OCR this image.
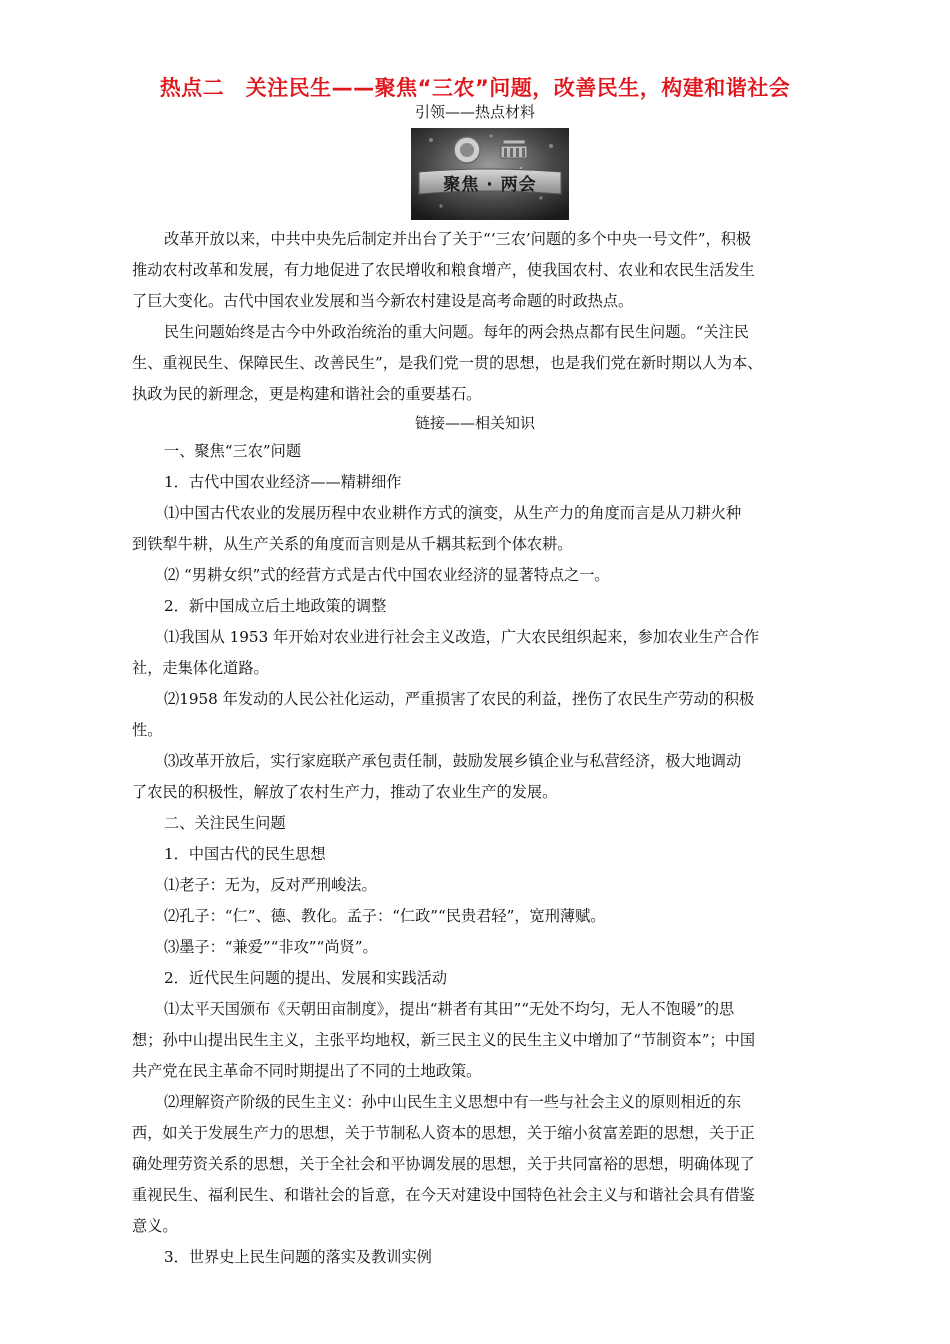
热点二　关注民生——聚焦“三农”问题，改善民生，构建和谐社会
引领——热点材料
聚焦 · 两会
改革开放以来，中共中央先后制定并出台了关于“‘三农’问题的多个中央一号文件”，积极
推动农村改革和发展，有力地促进了农民增收和粮食增产，使我国农村、农业和农民生活发生
了巨大变化。古代中国农业发展和当今新农村建设是高考命题的时政热点。
民生问题始终是古今中外政治统治的重大问题。每年的两会热点都有民生问题。“关注民
生、重视民生、保障民生、改善民生”，是我们党一贯的思想，也是我们党在新时期以人为本、
执政为民的新理念，更是构建和谐社会的重要基石。
链接——相关知识
一、聚焦“三农”问题
1．古代中国农业经济——精耕细作
⑴中国古代农业的发展历程中农业耕作方式的演变，从生产力的角度而言是从刀耕火种
到铁犁牛耕，从生产关系的角度而言则是从千耦其耘到个体农耕。
⑵ “男耕女织”式的经营方式是古代中国农业经济的显著特点之一。
2．新中国成立后土地政策的调整
⑴我国从 1953 年开始对农业进行社会主义改造，广大农民组织起来，参加农业生产合作
社，走集体化道路。
⑵1958 年发动的人民公社化运动，严重损害了农民的利益，挫伤了农民生产劳动的积极
性。
⑶改革开放后，实行家庭联产承包责任制，鼓励发展乡镇企业与私营经济，极大地调动
了农民的积极性，解放了农村生产力，推动了农业生产的发展。
二、关注民生问题
1．中国古代的民生思想
⑴老子：无为，反对严刑峻法。
⑵孔子：“仁”、德、教化。孟子：“仁政”“民贵君轻”，宽刑薄赋。
⑶墨子：“兼爱”“非攻”“尚贤”。
2．近代民生问题的提出、发展和实践活动
⑴太平天国颁布《天朝田亩制度》，提出“耕者有其田”“无处不均匀，无人不饱暖”的思
想；孙中山提出民生主义，主张平均地权，新三民主义的民生主义中增加了“节制资本”；中国
共产党在民主革命不同时期提出了不同的土地政策。
⑵理解资产阶级的民生主义：孙中山民生主义思想中有一些与社会主义的原则相近的东
西，如关于发展生产力的思想，关于节制私人资本的思想，关于缩小贫富差距的思想，关于正
确处理劳资关系的思想，关于全社会和平协调发展的思想，关于共同富裕的思想，明确体现了
重视民生、福利民生、和谐社会的旨意，在今天对建设中国特色社会主义与和谐社会具有借鉴
意义。
3．世界史上民生问题的落实及教训实例
